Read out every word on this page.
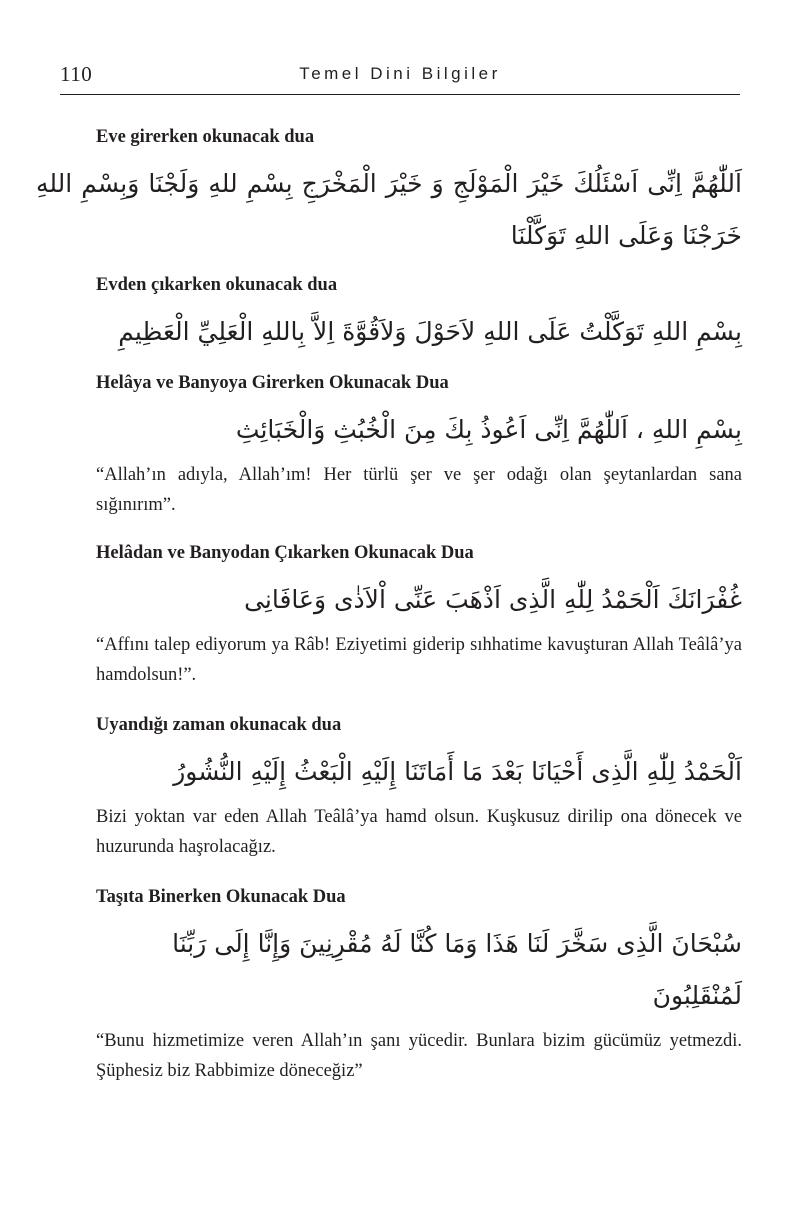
110	Temel Dini Bilgiler
Eve girerken okunacak dua
اَللّٰهُمَّ اِنِّى اَسْئَلُكَ خَيْرَ الْمَوْلَجِ وَ خَيْرَ الْمَخْرَجِ بِسْمِ للهِ وَلَجْنَا وَبِسْمِ اللهِ خَرَجْنَا وَعَلَى اللهِ تَوَكَّلْنَا
Evden çıkarken okunacak dua
بِسْمِ اللهِ تَوَكَّلْتُ عَلَى اللهِ لاَحَوْلَ وَلاَقُوَّةَ اِلاَّ بِاللهِ الْعَلِيِّ الْعَظِيمِ
Helâya ve Banyoya Girerken Okunacak Dua
بِسْمِ اللهِ ، اَللّٰهُمَّ اِنِّى اَعُوذُ بِكَ مِنَ الْخُبُثِ وَالْخَبَائِثِ
“Allah’ın adıyla, Allah’ım! Her türlü şer ve şer odağı olan şeytanlardan sana sığınırım”.
Helâdan ve Banyodan Çıkarken Okunacak Dua
غُفْرَانَكَ اَلْحَمْدُ لِلّٰهِ الَّذِى اَذْهَبَ عَنِّى اْلاَذٰى وَعَافَانِى
“Affını talep ediyorum ya Râb! Eziyetimi giderip sıhhatime kavuşturan Allah Teâlâ’ya hamdolsun!”.
Uyandığı zaman okunacak dua
اَلْحَمْدُ لِلّٰهِ الَّذِى أَحْيَانَا بَعْدَ مَا أَمَاتَنَا إِلَيْهِ الْبَعْثُ إِلَيْهِ النُّشُورُ
Bizi yoktan var eden Allah Teâlâ’ya hamd olsun. Kuşkusuz dirilip ona dönecek ve huzurunda haşrolacağız.
Taşıta Binerken Okunacak Dua
سُبْحَانَ الَّذِى سَخَّرَ لَنَا هَذَا وَمَا كُنَّا لَهُ مُقْرِنِينَ وَإِنَّا إِلَى رَبِّنَا لَمُنْقَلِبُونَ
“Bunu hizmetimize veren Allah’ın şanı yücedir. Bunlara bizim gücümüz yetmezdi. Şüphesiz biz Rabbimize döneceğiz”
